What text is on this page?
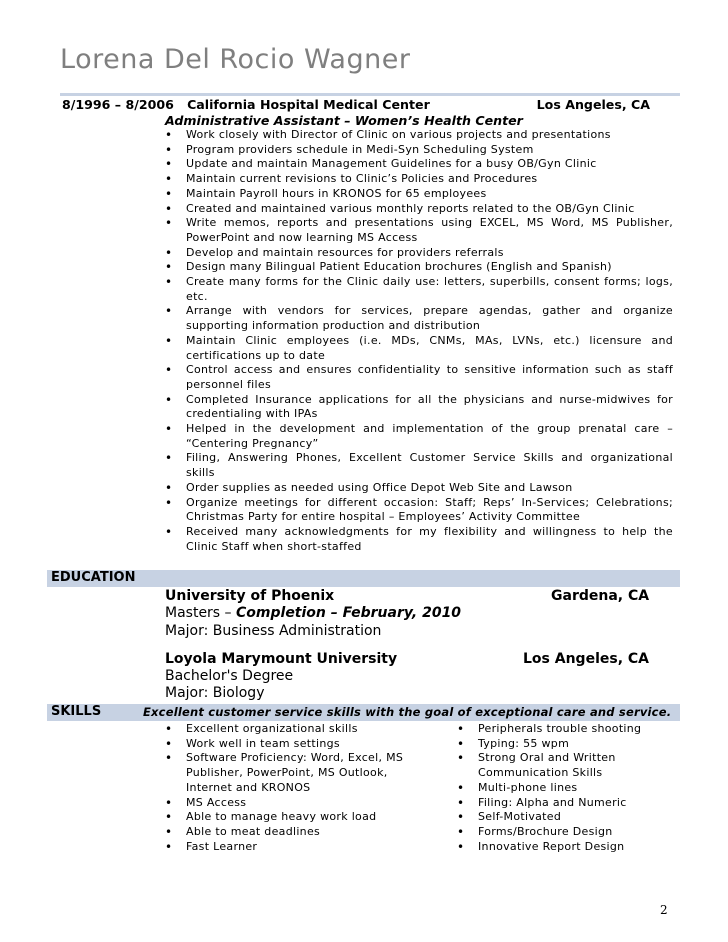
Lorena Del Rocio Wagner
8/1996 – 8/2006 California Hospital Medical Center	Los Angeles, CA
Administrative Assistant – Women’s Health Center
• Work closely with Director of Clinic on various projects and presentations
• Program providers schedule in Medi-Syn Scheduling System
• Update and maintain Management Guidelines for a busy OB/Gyn Clinic
• Maintain current revisions to Clinic’s Policies and Procedures
• Maintain Payroll hours in KRONOS for 65 employees
• Created and maintained various monthly reports related to the OB/Gyn Clinic
• Write memos, reports and presentations using EXCEL, MS Word, MS Publisher, PowerPoint and now learning MS Access
• Develop and maintain resources for providers referrals
• Design many Bilingual Patient Education brochures (English and Spanish)
• Create many forms for the Clinic daily use: letters, superbills, consent forms; logs, etc.
• Arrange with vendors for services, prepare agendas, gather and organize supporting information production and distribution
• Maintain Clinic employees (i.e. MDs, CNMs, MAs, LVNs, etc.) licensure and certifications up to date
• Control access and ensures confidentiality to sensitive information such as staff personnel files
• Completed Insurance applications for all the physicians and nurse-midwives for credentialing with IPAs
• Helped in the development and implementation of the group prenatal care – “Centering Pregnancy”
• Filing, Answering Phones, Excellent Customer Service Skills and organizational skills
• Order supplies as needed using Office Depot Web Site and Lawson
• Organize meetings for different occasion: Staff; Reps’ In-Services; Celebrations; Christmas Party for entire hospital – Employees’ Activity Committee
• Received many acknowledgments for my flexibility and willingness to help the Clinic Staff when short-staffed
EDUCATION
University of Phoenix	Gardena, CA
Masters – Completion – February, 2010
Major: Business Administration
Loyola Marymount University	Los Angeles, CA
Bachelor's Degree
Major: Biology
SKILLS	Excellent customer service skills with the goal of exceptional care and service.
• Excellent organizational skills
• Work well in team settings
• Software Proficiency: Word, Excel, MS Publisher, PowerPoint, MS Outlook, Internet and KRONOS
• MS Access
• Able to manage heavy work load
• Able to meat deadlines
• Fast Learner
• Peripherals trouble shooting
• Typing: 55 wpm
• Strong Oral and Written Communication Skills
• Multi-phone lines
• Filing: Alpha and Numeric
• Self-Motivated
• Forms/Brochure Design
• Innovative Report Design
2
